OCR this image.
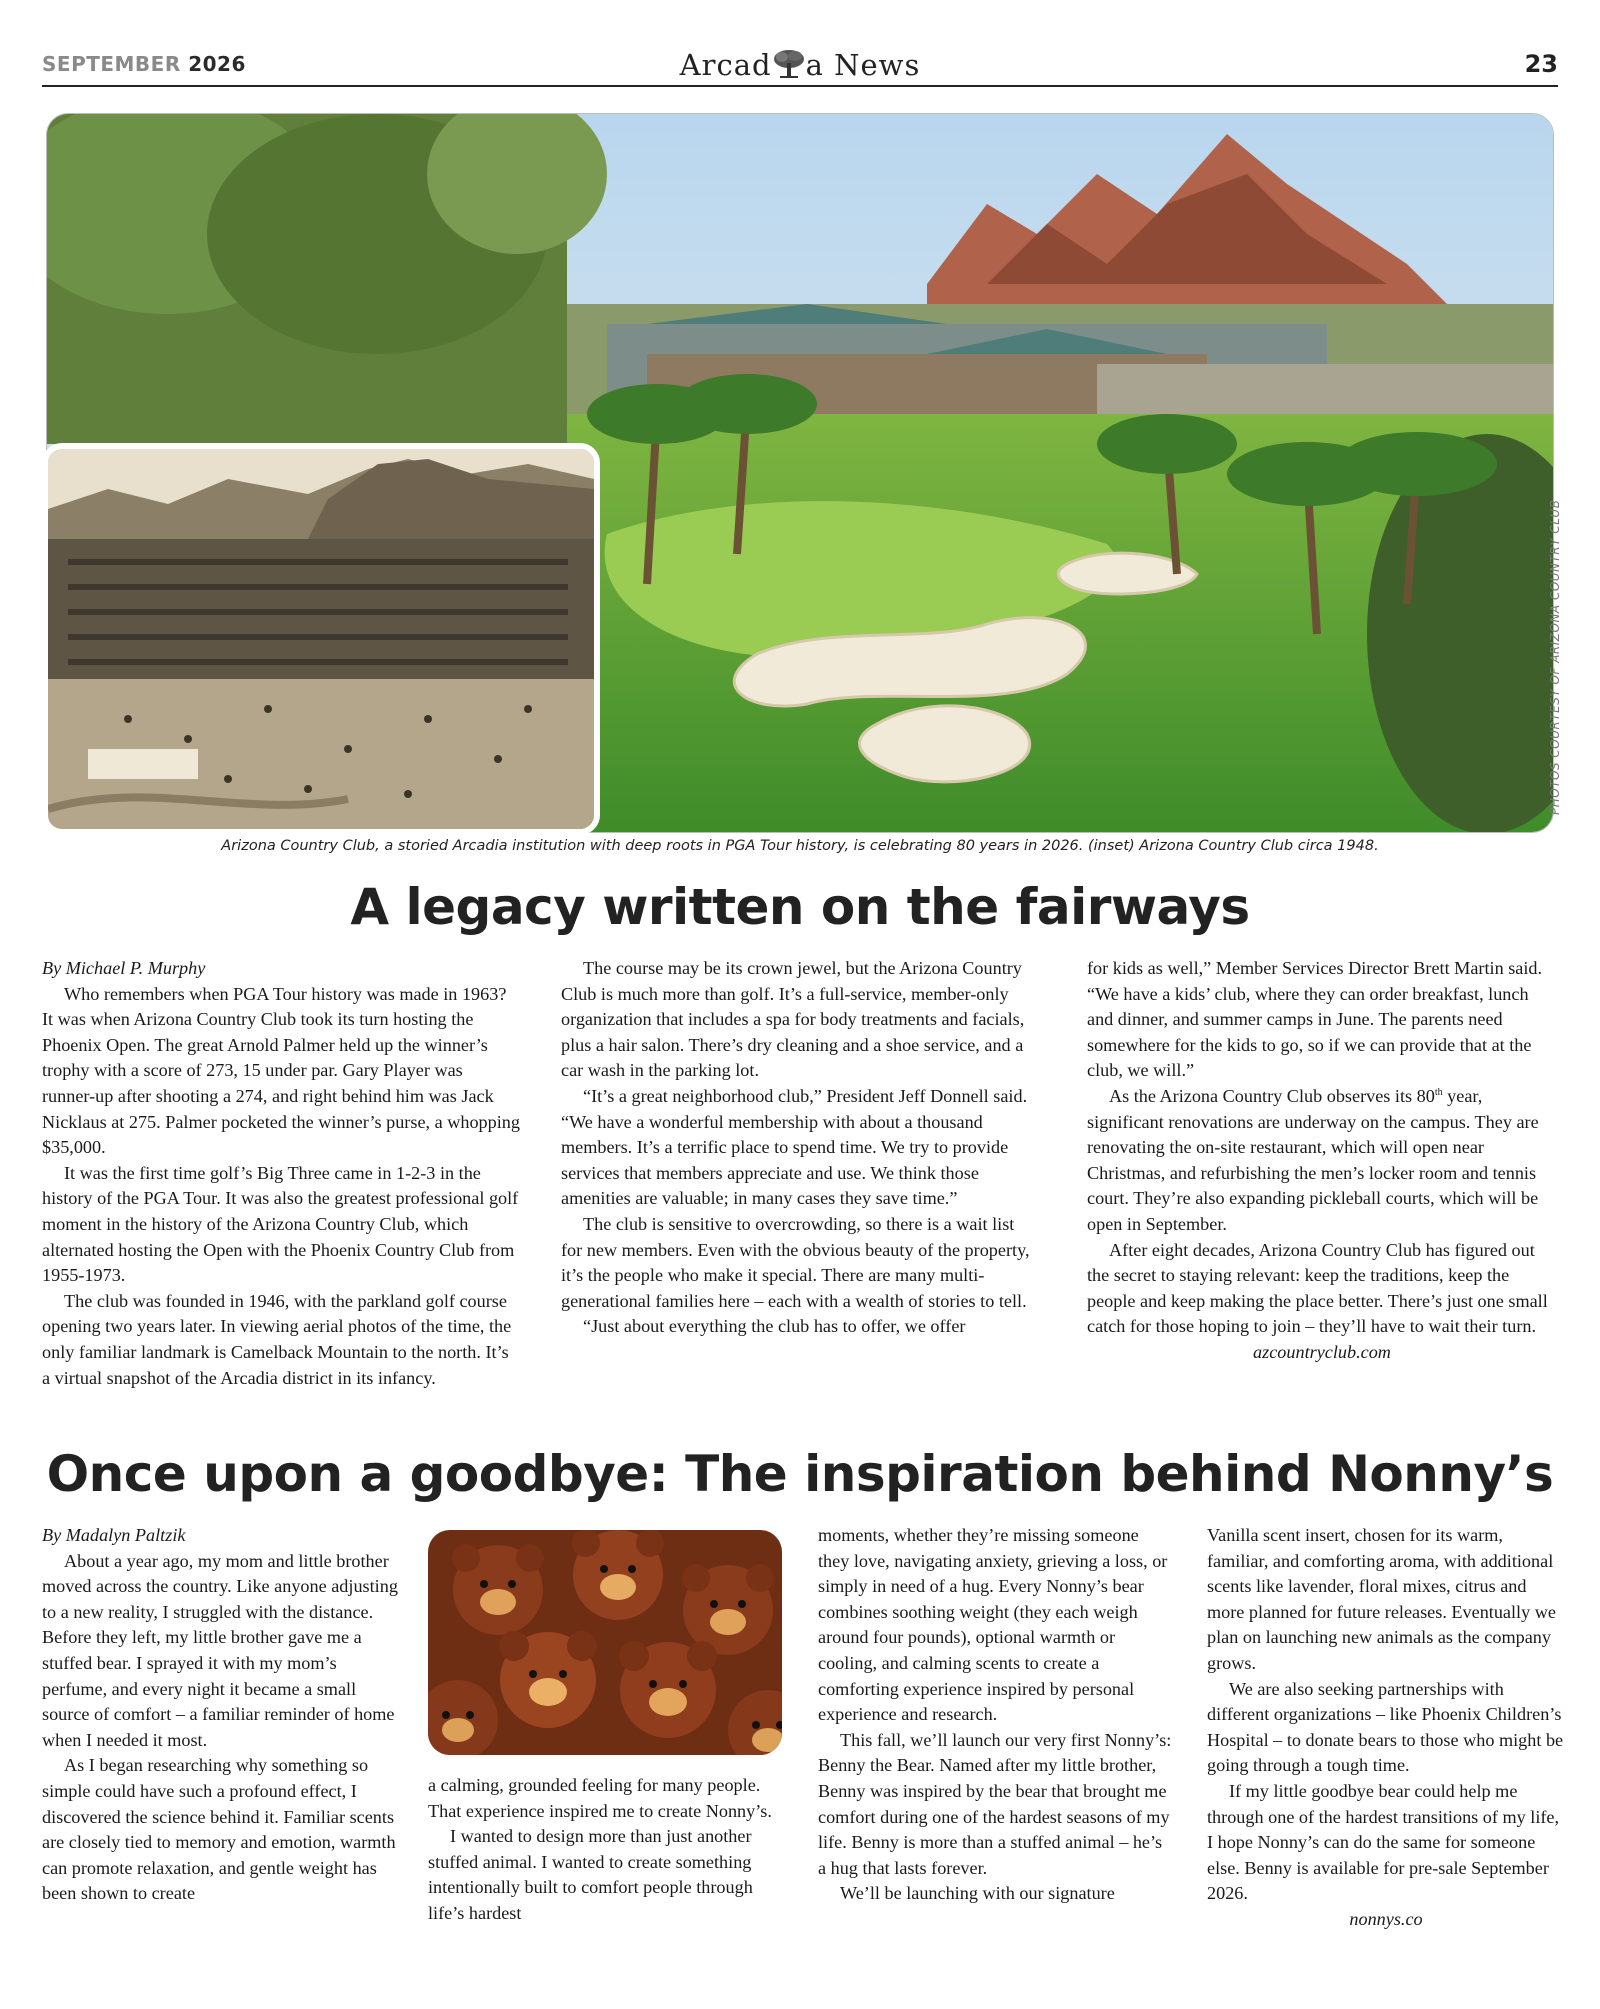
SEPTEMBER 2026	Arcad a News	23
PHOTOS COURTESY OF ARIZONA COUNTRY CLUB
Arizona Country Club, a storied Arcadia institution with deep roots in PGA Tour history, is celebrating 80 years in 2026. (inset) Arizona Country Club circa 1948.
A legacy written on the fairways

By Michael P. Murphy

Who remembers when PGA Tour history was made in 1963? It was when Arizona Country Club took its turn hosting the Phoenix Open. The great Arnold Palmer held up the winner’s trophy with a score of 273, 15 under par. Gary Player was runner-up after shooting a 274, and right behind him was Jack Nicklaus at 275. Palmer pocketed the winner’s purse, a whopping $35,000.

It was the first time golf’s Big Three came in 1-2-3 in the history of the PGA Tour. It was also the greatest professional golf moment in the history of the Arizona Country Club, which alternated hosting the Open with the Phoenix Country Club from 1955-1973.

The club was founded in 1946, with the parkland golf course opening two years later. In viewing aerial photos of the time, the only familiar landmark is Camelback Mountain to the north. It’s a virtual snapshot of the Arcadia district in its infancy.

The course may be its crown jewel, but the Arizona Country Club is much more than golf. It’s a full-service, member-only organization that includes a spa for body treatments and facials, plus a hair salon. There’s dry cleaning and a shoe service, and a car wash in the parking lot.

“It’s a great neighborhood club,” President Jeff Donnell said. “We have a wonderful membership with about a thousand members. It’s a terrific place to spend time. We try to provide services that members appreciate and use. We think those amenities are valuable; in many cases they save time.”

The club is sensitive to overcrowding, so there is a wait list for new members. Even with the obvious beauty of the property, it’s the people who make it special. There are many multi-generational families here – each with a wealth of stories to tell.

“Just about everything the club has to offer, we offer

for kids as well,” Member Services Director Brett Martin said. “We have a kids’ club, where they can order breakfast, lunch and dinner, and summer camps in June. The parents need somewhere for the kids to go, so if we can provide that at the club, we will.”

As the Arizona Country Club observes its 80th year, significant renovations are underway on the campus. They are renovating the on-site restaurant, which will open near Christmas, and refurbishing the men’s locker room and tennis court. They’re also expanding pickleball courts, which will be open in September.

After eight decades, Arizona Country Club has figured out the secret to staying relevant: keep the traditions, keep the people and keep making the place better. There’s just one small catch for those hoping to join – they’ll have to wait their turn.

azcountryclub.com

Once upon a goodbye: The inspiration behind Nonny’s

By Madalyn Paltzik

About a year ago, my mom and little brother moved across the country. Like anyone adjusting to a new reality, I struggled with the distance. Before they left, my little brother gave me a stuffed bear. I sprayed it with my mom’s perfume, and every night it became a small source of comfort – a familiar reminder of home when I needed it most.

As I began researching why something so simple could have such a profound effect, I discovered the science behind it. Familiar scents are closely tied to memory and emotion, warmth can promote relaxation, and gentle weight has been shown to create

a calming, grounded feeling for many people. That experience inspired me to create Nonny’s.

I wanted to design more than just another stuffed animal. I wanted to create something intentionally built to comfort people through life’s hardest

moments, whether they’re missing someone they love, navigating anxiety, grieving a loss, or simply in need of a hug. Every Nonny’s bear combines soothing weight (they each weigh around four pounds), optional warmth or cooling, and calming scents to create a comforting experience inspired by personal experience and research.

This fall, we’ll launch our very first Nonny’s: Benny the Bear. Named after my little brother, Benny was inspired by the bear that brought me comfort during one of the hardest seasons of my life. Benny is more than a stuffed animal – he’s a hug that lasts forever.

We’ll be launching with our signature

Vanilla scent insert, chosen for its warm, familiar, and comforting aroma, with additional scents like lavender, floral mixes, citrus and more planned for future releases. Eventually we plan on launching new animals as the company grows.

We are also seeking partnerships with different organizations – like Phoenix Children’s Hospital – to donate bears to those who might be going through a tough time.

If my little goodbye bear could help me through one of the hardest transitions of my life, I hope Nonny’s can do the same for someone else. Benny is available for pre-sale September 2026.

nonnys.co
